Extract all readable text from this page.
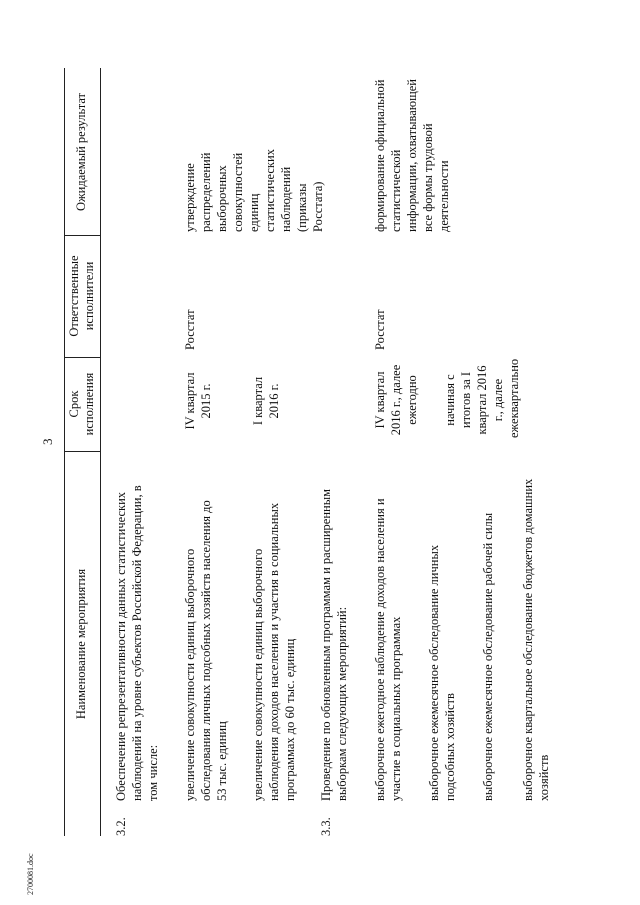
3
Наименование мероприятия
Срок исполнения
Ответственные исполнители
Ожидаемый результат
3.2.
Обеспечение репрезентативности данных статистических наблюдений на уровне субъектов Российской Федерации, в том числе: увеличение совокупности единиц выборочного обследования личных подсобных хозяйств населения до 53 тыс. единиц
IV квартал 2015 г.
Росстат
утверждение распределений выборочных совокупностей единиц статистических наблюдений (приказы Росстата)
увеличение совокупности единиц выборочного наблюдения доходов населения и участия в социальных программах до 60 тыс. единиц
I квартал 2016 г.
3.3.
Проведение по обновленным программам и расширенным выборкам следующих мероприятий: выборочное ежегодное наблюдение доходов населения и участие в социальных программах
IV квартал 2016 г., далее ежегодно
Росстат
формирование официальной статистической информации, охватывающей все формы трудовой деятельности
выборочное ежемесячное обследование личных подсобных хозяйств
начиная с итогов за I квартал 2016 г., далее ежеквартально
выборочное ежемесячное обследование рабочей силы выборочное квартальное обследование бюджетов домашних хозяйств
2700081.doc
